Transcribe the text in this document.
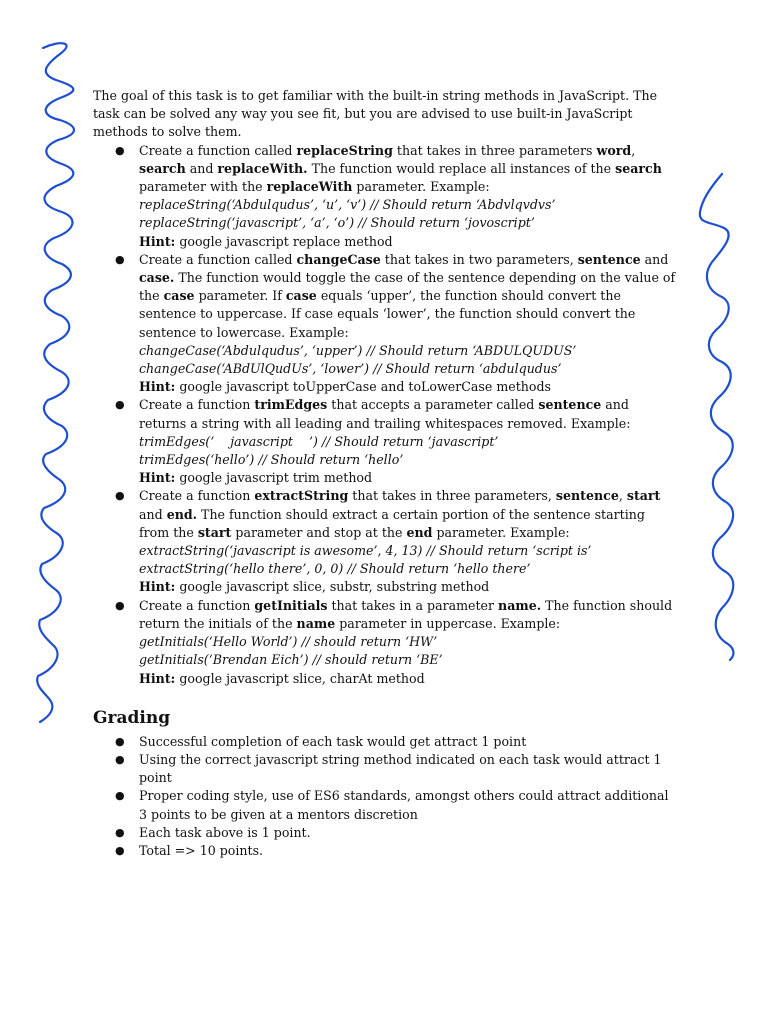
The goal of this task is to get familiar with the built-in string methods in JavaScript. The task can be solved any way you see fit, but you are advised to use built-in JavaScript methods to solve them.

● Create a function called replaceString that takes in three parameters word, search and replaceWith. The function would replace all instances of the search parameter with the replaceWith parameter. Example:
replaceString(‘Abdulqudus’, ‘u’, ‘v’) // Should return ‘Abdvlqvdvs’
replaceString(‘javascript’, ‘a’, ‘o’) // Should return ‘jovoscript’
Hint: google javascript replace method
● Create a function called changeCase that takes in two parameters, sentence and case. The function would toggle the case of the sentence depending on the value of the case parameter. If case equals ‘upper’, the function should convert the sentence to uppercase. If case equals ‘lower’, the function should convert the sentence to lowercase. Example:
changeCase(‘Abdulqudus’, ‘upper’) // Should return ‘ABDULQUDUS’
changeCase(‘ABdUlQudUs’, ‘lower’) // Should return ‘abdulqudus’
Hint: google javascript toUpperCase and toLowerCase methods
● Create a function trimEdges that accepts a parameter called sentence and returns a string with all leading and trailing whitespaces removed. Example:
trimEdges(‘    javascript    ’) // Should return ‘javascript’
trimEdges(‘hello’) // Should return ‘hello’
Hint: google javascript trim method
● Create a function extractString that takes in three parameters, sentence, start and end. The function should extract a certain portion of the sentence starting from the start parameter and stop at the end parameter. Example:
extractString(‘javascript is awesome’, 4, 13) // Should return ‘script is’
extractString(‘hello there’, 0, 0) // Should return ‘hello there’
Hint: google javascript slice, substr, substring method
● Create a function getInitials that takes in a parameter name. The function should return the initials of the name parameter in uppercase. Example:
getInitials(‘Hello World’) // should return ‘HW’
getInitials(‘Brendan Eich’) // should return ‘BE’
Hint: google javascript slice, charAt method
Grading
● Successful completion of each task would get attract 1 point
● Using the correct javascript string method indicated on each task would attract 1 point
● Proper coding style, use of ES6 standards, amongst others could attract additional 3 points to be given at a mentors discretion
● Each task above is 1 point.
● Total => 10 points.
